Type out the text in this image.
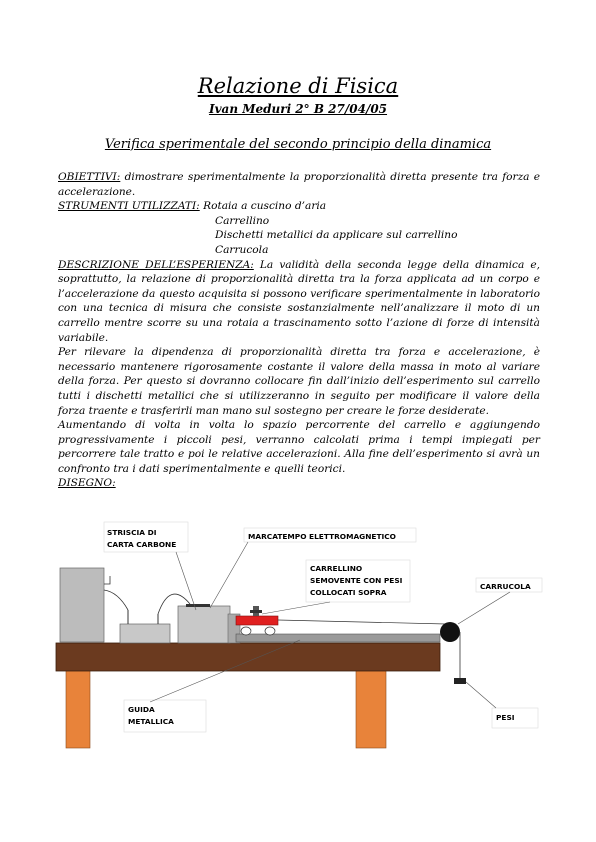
Relazione di Fisica
Ivan Meduri 2° B 27/04/05
Verifica sperimentale del secondo principio della dinamica

OBIETTIVI: dimostrare sperimentalmente la proporzionalità diretta presente tra forza e accelerazione.

STRUMENTI UTILIZZATI: Rotaia a cuscino d’aria

Carrellino

Dischetti metallici da applicare sul carrellino

Carrucola

DESCRIZIONE DELL’ESPERIENZA: La validità della seconda legge della dinamica e, soprattutto, la relazione di proporzionalità diretta tra la forza applicata ad un corpo e l’accelerazione da questo acquisita si possono verificare sperimentalmente in laboratorio con una tecnica di misura che consiste sostanzialmente nell’analizzare il moto di un carrello mentre scorre su una rotaia a trascinamento sotto l’azione di forze di intensità variabile.

Per rilevare la dipendenza di proporzionalità diretta tra forza e accelerazione, è necessario mantenere rigorosamente costante il valore della massa in moto al variare della forza. Per questo si dovranno collocare fin dall’inizio dell’esperimento sul carrello tutti i dischetti metallici che si utilizzeranno in seguito per modificare il valore della forza traente e trasferirli man mano sul sostegno per creare le forze desiderate.

Aumentando di volta in volta lo spazio percorrente del carrello e aggiungendo progressivamente i piccoli pesi, verranno calcolati prima i tempi impiegati per percorrere tale tratto e poi le relative accelerazioni. Alla fine dell’esperimento si avrà un confronto tra i dati sperimentalmente e quelli teorici.

DISEGNO:

STRISCIA DI
CARTA CARBONE
MARCATEMPO ELETTROMAGNETICO
CARRELLINO
SEMOVENTE CON PESI
COLLOCATI SOPRA
CARRUCOLA
GUIDA
METALLICA	PESI
